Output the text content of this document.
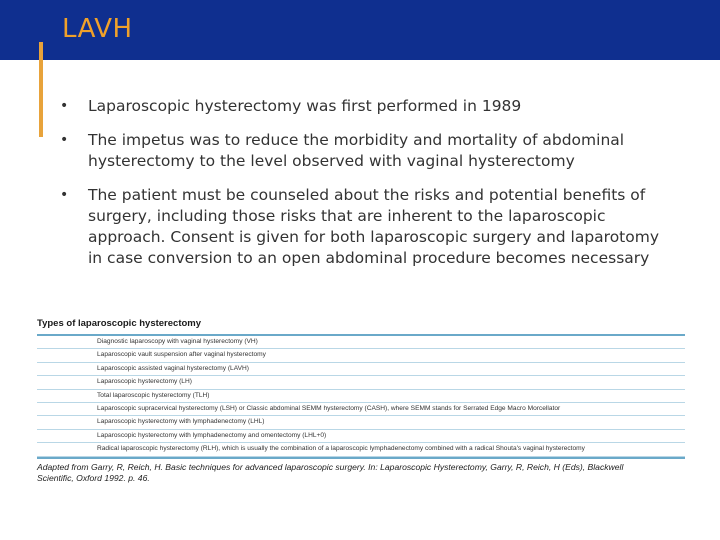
LAVH
•	Laparoscopic hysterectomy was first performed in 1989
•	The impetus was to reduce the morbidity and mortality of abdominal hysterectomy to the level observed with vaginal hysterectomy
•	The patient must be counseled about the risks and potential benefits of surgery, including those risks that are inherent to the laparoscopic approach. Consent is given for both laparoscopic surgery and laparotomy in case conversion to an open abdominal procedure becomes necessary
Types of laparoscopic hysterectomy
Diagnostic laparoscopy with vaginal hysterectomy (VH)
Laparoscopic vault suspension after vaginal hysterectomy
Laparoscopic assisted vaginal hysterectomy (LAVH)
Laparoscopic hysterectomy (LH)
Total laparoscopic hysterectomy (TLH)
Laparoscopic supracervical hysterectomy (LSH) or Classic abdominal SEMM hysterectomy (CASH), where SEMM stands for Serrated Edge Macro Morcellator
Laparoscopic hysterectomy with lymphadenectomy (LHL)
Laparoscopic hysterectomy with lymphadenectomy and omentectomy (LHL+0)
Radical laparoscopic hysterectomy (RLH), which is usually the combination of a laparoscopic lymphadenectomy combined with a radical Shouta's vaginal hysterectomy
Adapted from Garry, R, Reich, H. Basic techniques for advanced laparoscopic surgery. In: Laparoscopic Hysterectomy, Garry, R, Reich, H (Eds), Blackwell Scientific, Oxford 1992. p. 46.
